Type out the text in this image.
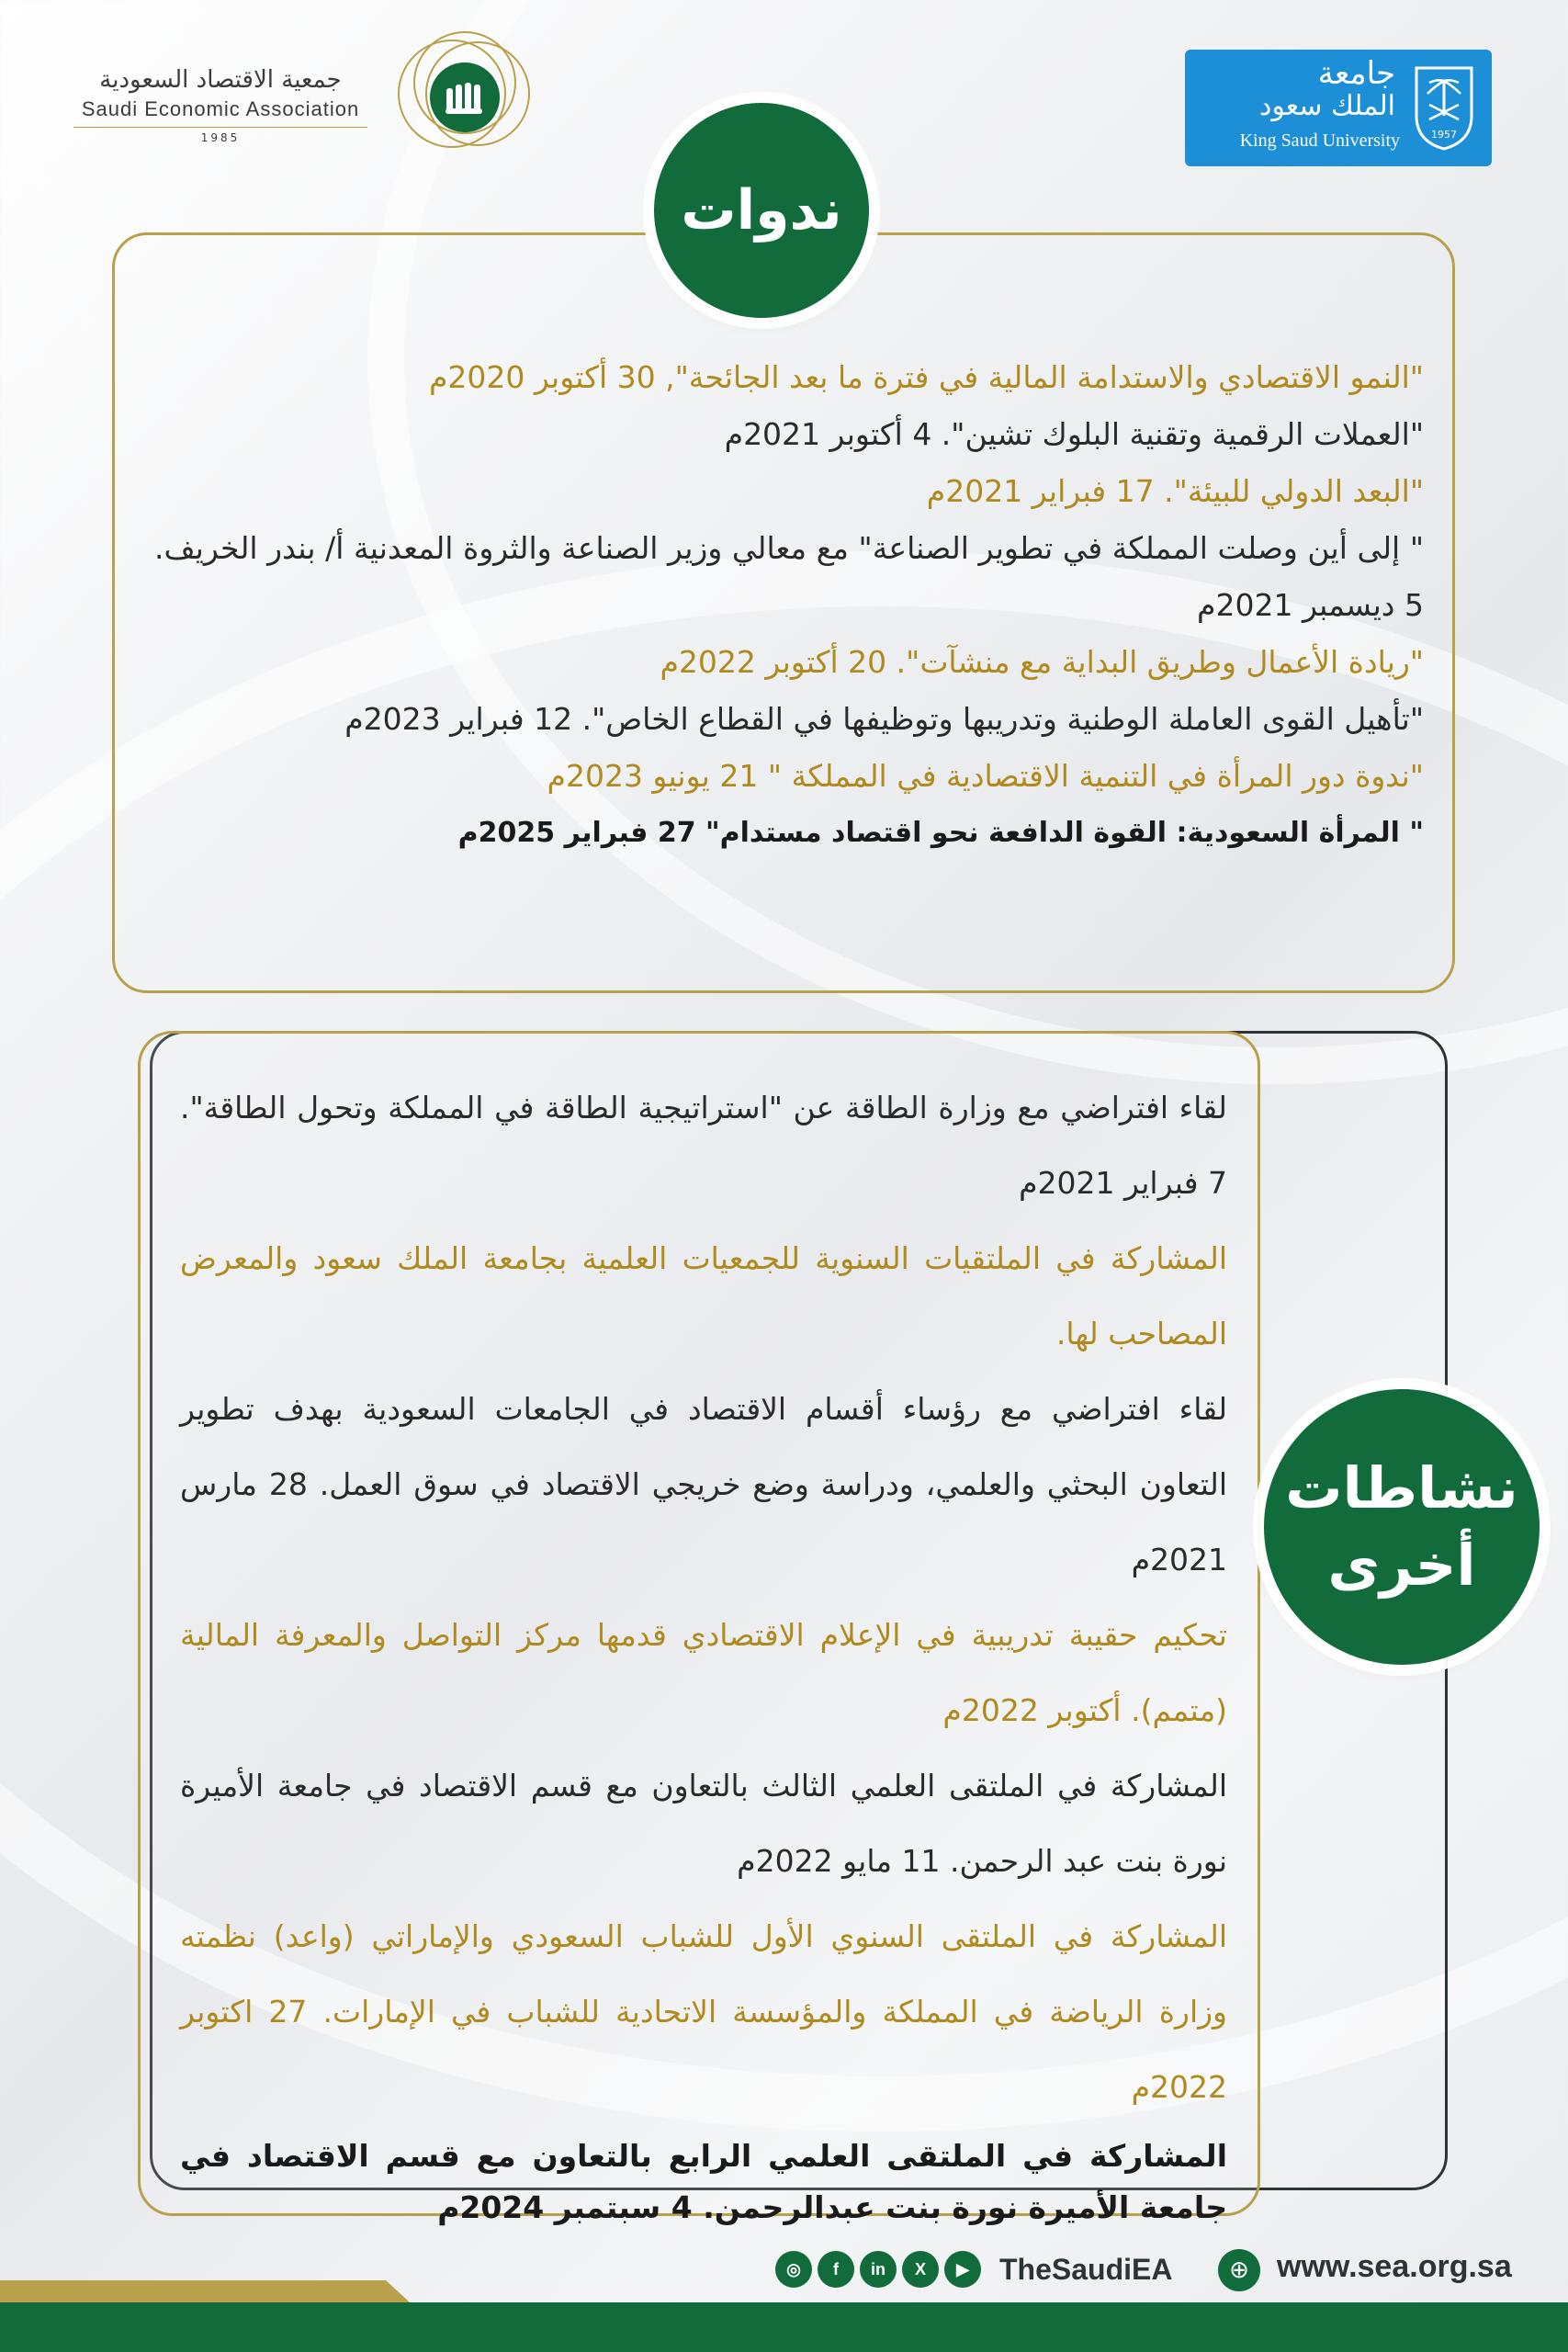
جمعية الاقتصاد السعودية
Saudi Economic Association
1985
جامعة
الملك سعود
King Saud University	1957
ندوات
"النمو الاقتصادي والاستدامة المالية في فترة ما بعد الجائحة", 30 أكتوبر 2020م
"العملات الرقمية وتقنية البلوك تشين". 4 أكتوبر 2021م
"البعد الدولي للبيئة". 17 فبراير 2021م
" إلى أين وصلت المملكة في تطوير الصناعة" مع معالي وزير الصناعة والثروة المعدنية أ/ بندر الخريف. 5 ديسمبر 2021م
"ريادة الأعمال وطريق البداية مع منشآت". 20 أكتوبر 2022م
"تأهيل القوى العاملة الوطنية وتدريبها وتوظيفها في القطاع الخاص". 12 فبراير 2023م
"ندوة دور المرأة في التنمية الاقتصادية في المملكة " 21 يونيو 2023م
" المرأة السعودية: القوة الدافعة نحو اقتصاد مستدام" 27 فبراير 2025م
لقاء افتراضي مع وزارة الطاقة عن "استراتيجية الطاقة في المملكة وتحول الطاقة". 7 فبراير 2021م
المشاركة في الملتقيات السنوية للجمعيات العلمية بجامعة الملك سعود والمعرض المصاحب لها.
لقاء افتراضي مع رؤساء أقسام الاقتصاد في الجامعات السعودية بهدف تطوير التعاون البحثي والعلمي، ودراسة وضع خريجي الاقتصاد في سوق العمل. 28 مارس 2021م
تحكيم حقيبة تدريبية في الإعلام الاقتصادي قدمها مركز التواصل والمعرفة المالية (متمم). أكتوبر 2022م
المشاركة في الملتقى العلمي الثالث بالتعاون مع قسم الاقتصاد في جامعة الأميرة نورة بنت عبد الرحمن. 11 مايو 2022م
المشاركة في الملتقى السنوي الأول للشباب السعودي والإماراتي (واعد) نظمته وزارة الرياضة في المملكة والمؤسسة الاتحادية للشباب في الإمارات. 27 اكتوبر 2022م
المشاركة في الملتقى العلمي الرابع بالتعاون مع قسم الاقتصاد في جامعة الأميرة نورة بنت عبدالرحمن. 4 سبتمبر 2024م
نشاطات
أخرى
◎	f	in	X	▶	TheSaudiEA	⊕ www.sea.org.sa
